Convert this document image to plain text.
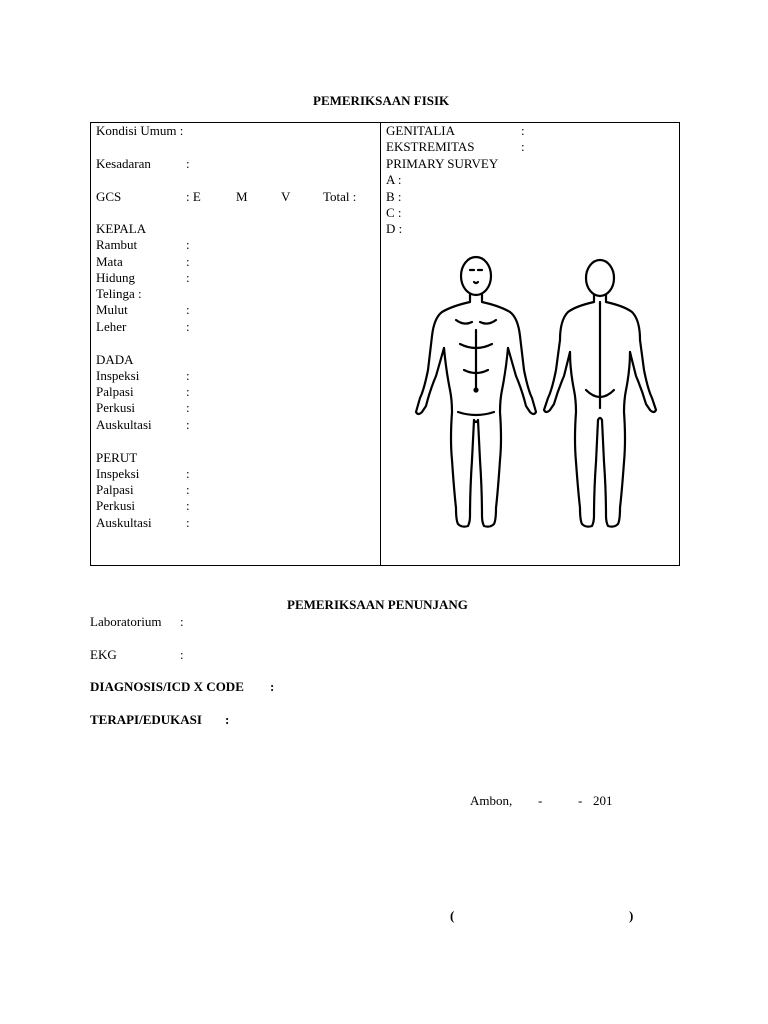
PEMERIKSAAN FISIK
Kondisi Umum :
Kesadaran	:
GCS	: E	M	V	Total :
KEPALA
Rambut	:
Mata	:
Hidung	:
Telinga :
Mulut	:
Leher	:
DADA
Inspeksi	:
Palpasi	:
Perkusi	:
Auskultasi	:
PERUT
Inspeksi	:
Palpasi	:
Perkusi	:
Auskultasi	:
GENITALIA	:
EKSTREMITAS	:
PRIMARY SURVEY
A :
B :
C :
D :
PEMERIKSAAN PENUNJANG
Laboratorium :
EKG	:
DIAGNOSIS/ICD X CODE :
TERAPI/EDUKASI :
Ambon, -	- 201
(	)
